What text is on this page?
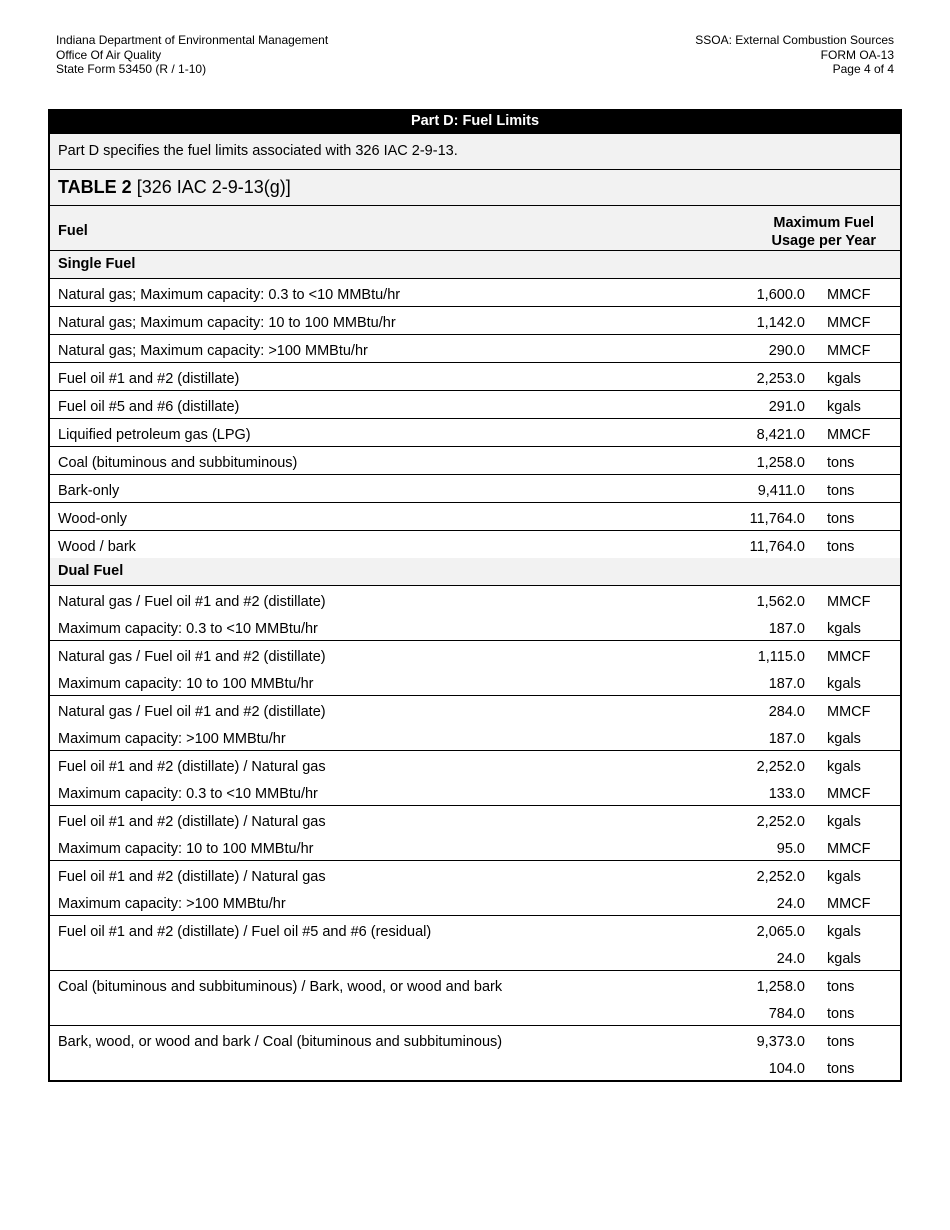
Indiana Department of Environmental Management
Office Of Air Quality
State Form 53450 (R / 1-10)
SSOA: External Combustion Sources
FORM OA-13
Page 4 of 4
Part D: Fuel Limits
Part D specifies the fuel limits associated with 326 IAC 2-9-13.
TABLE 2 [326 IAC 2-9-13(g)]
Fuel	Maximum Fuel
Usage per Year
Single Fuel
Natural gas; Maximum capacity: 0.3 to <10 MMBtu/hr	1,600.0 MMCF
Natural gas; Maximum capacity: 10 to 100 MMBtu/hr	1,142.0 MMCF
Natural gas; Maximum capacity: >100 MMBtu/hr	290.0 MMCF
Fuel oil #1 and #2 (distillate)	2,253.0 kgals
Fuel oil #5 and #6 (distillate)	291.0 kgals
Liquified petroleum gas (LPG)	8,421.0 MMCF
Coal (bituminous and subbituminous)	1,258.0 tons
Bark-only	9,411.0 tons
Wood-only	11,764.0 tons
Wood / bark	11,764.0 tons
Dual Fuel
Natural gas / Fuel oil #1 and #2 (distillate)	1,562.0 MMCF
Maximum capacity: 0.3 to <10 MMBtu/hr	187.0 kgals
Natural gas / Fuel oil #1 and #2 (distillate)	1,115.0 MMCF
Maximum capacity: 10 to 100 MMBtu/hr	187.0 kgals
Natural gas / Fuel oil #1 and #2 (distillate)	284.0 MMCF
Maximum capacity: >100 MMBtu/hr	187.0 kgals
Fuel oil #1 and #2 (distillate) / Natural gas	2,252.0 kgals
Maximum capacity: 0.3 to <10 MMBtu/hr	133.0 MMCF
Fuel oil #1 and #2 (distillate) / Natural gas	2,252.0 kgals
Maximum capacity: 10 to 100 MMBtu/hr	95.0 MMCF
Fuel oil #1 and #2 (distillate) / Natural gas	2,252.0 kgals
Maximum capacity: >100 MMBtu/hr	24.0 MMCF
Fuel oil #1 and #2 (distillate) / Fuel oil #5 and #6 (residual)	2,065.0 kgals
24.0 kgals
Coal (bituminous and subbituminous) / Bark, wood, or wood and bark	1,258.0 tons
784.0 tons
Bark, wood, or wood and bark / Coal (bituminous and subbituminous)	9,373.0 tons
104.0 tons
